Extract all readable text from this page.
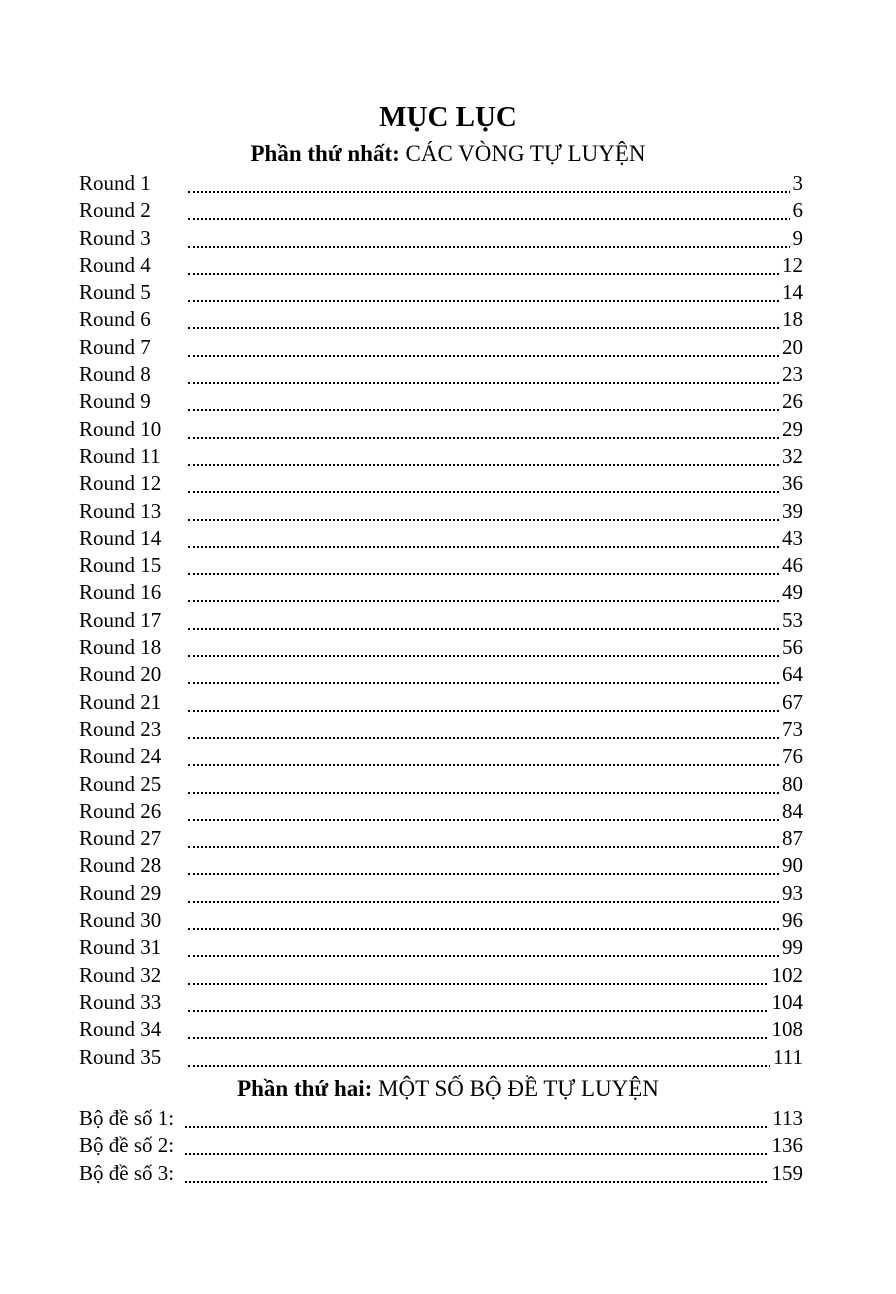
MỤC LỤC
Phần thứ nhất: CÁC VÒNG TỰ LUYỆN
Round 1	3
Round 2	6
Round 3	9
Round 4	12
Round 5	14
Round 6	18
Round 7	20
Round 8	23
Round 9	26
Round 10	29
Round 11	32
Round 12	36
Round 13	39
Round 14	43
Round 15	46
Round 16	49
Round 17	53
Round 18	56
Round 20	64
Round 21	67
Round 23	73
Round 24	76
Round 25	80
Round 26	84
Round 27	87
Round 28	90
Round 29	93
Round 30	96
Round 31	99
Round 32	102
Round 33	104
Round 34	108
Round 35	111
Phần thứ hai: MỘT SỐ BỘ ĐỀ TỰ LUYỆN
Bộ đề số 1:	113
Bộ đề số 2:	136
Bộ đề số 3:	159
